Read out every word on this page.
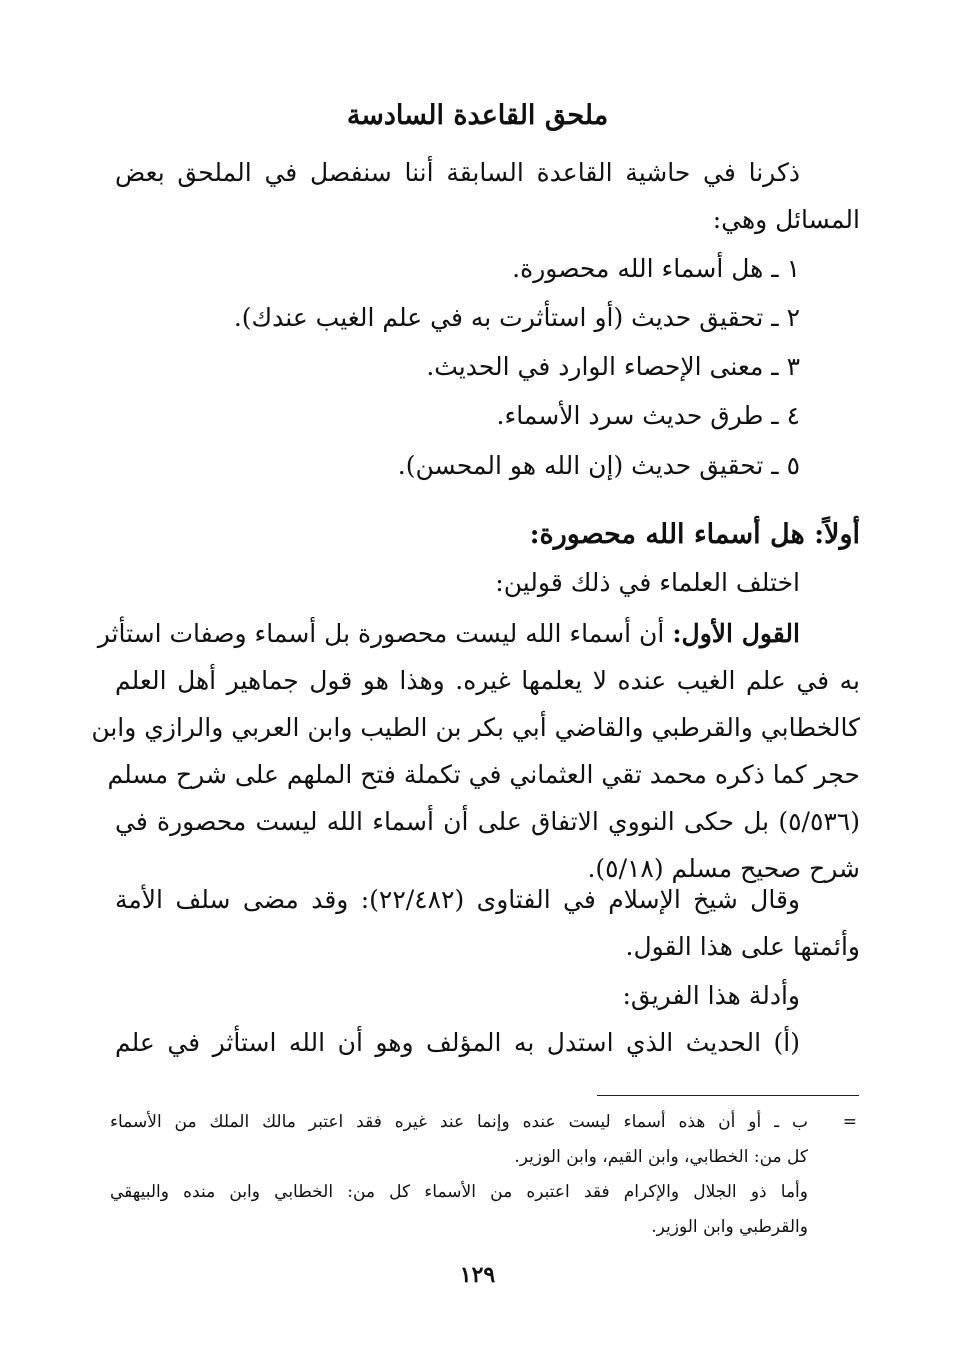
ملحق القاعدة السادسة
ذكرنا في حاشية القاعدة السابقة أننا سنفصل في الملحق بعض
المسائل وهي:
١ ـ هل أسماء الله محصورة.
٢ ـ تحقيق حديث (أو استأثرت به في علم الغيب عندك).
٣ ـ معنى الإحصاء الوارد في الحديث.
٤ ـ طرق حديث سرد الأسماء.
٥ ـ تحقيق حديث (إن الله هو المحسن).
أولاً: هل أسماء الله محصورة:
اختلف العلماء في ذلك قولين:
القول الأول: أن أسماء الله ليست محصورة بل أسماء وصفات استأثر
به في علم الغيب عنده لا يعلمها غيره. وهذا هو قول جماهير أهل العلم
كالخطابي والقرطبي والقاضي أبي بكر بن الطيب وابن العربي والرازي وابن
حجر كما ذكره محمد تقي العثماني في تكملة فتح الملهم على شرح مسلم
(٥/٥٣٦) بل حكى النووي الاتفاق على أن أسماء الله ليست محصورة في
شرح صحيح مسلم (٥/١٨).
وقال شيخ الإسلام في الفتاوى (٢٢/٤٨٢): وقد مضى سلف الأمة
وأئمتها على هذا القول.
وأدلة هذا الفريق:
(أ) الحديث الذي استدل به المؤلف وهو أن الله استأثر في علم
=
ب ـ أو أن هذه أسماء ليست عنده وإنما عند غيره فقد اعتبر مالك الملك من الأسماء
كل من: الخطابي، وابن القيم، وابن الوزير.
وأما ذو الجلال والإكرام فقد اعتبره من الأسماء كل من: الخطابي وابن منده والبيهقي
والقرطبي وابن الوزير.
١٢٩
